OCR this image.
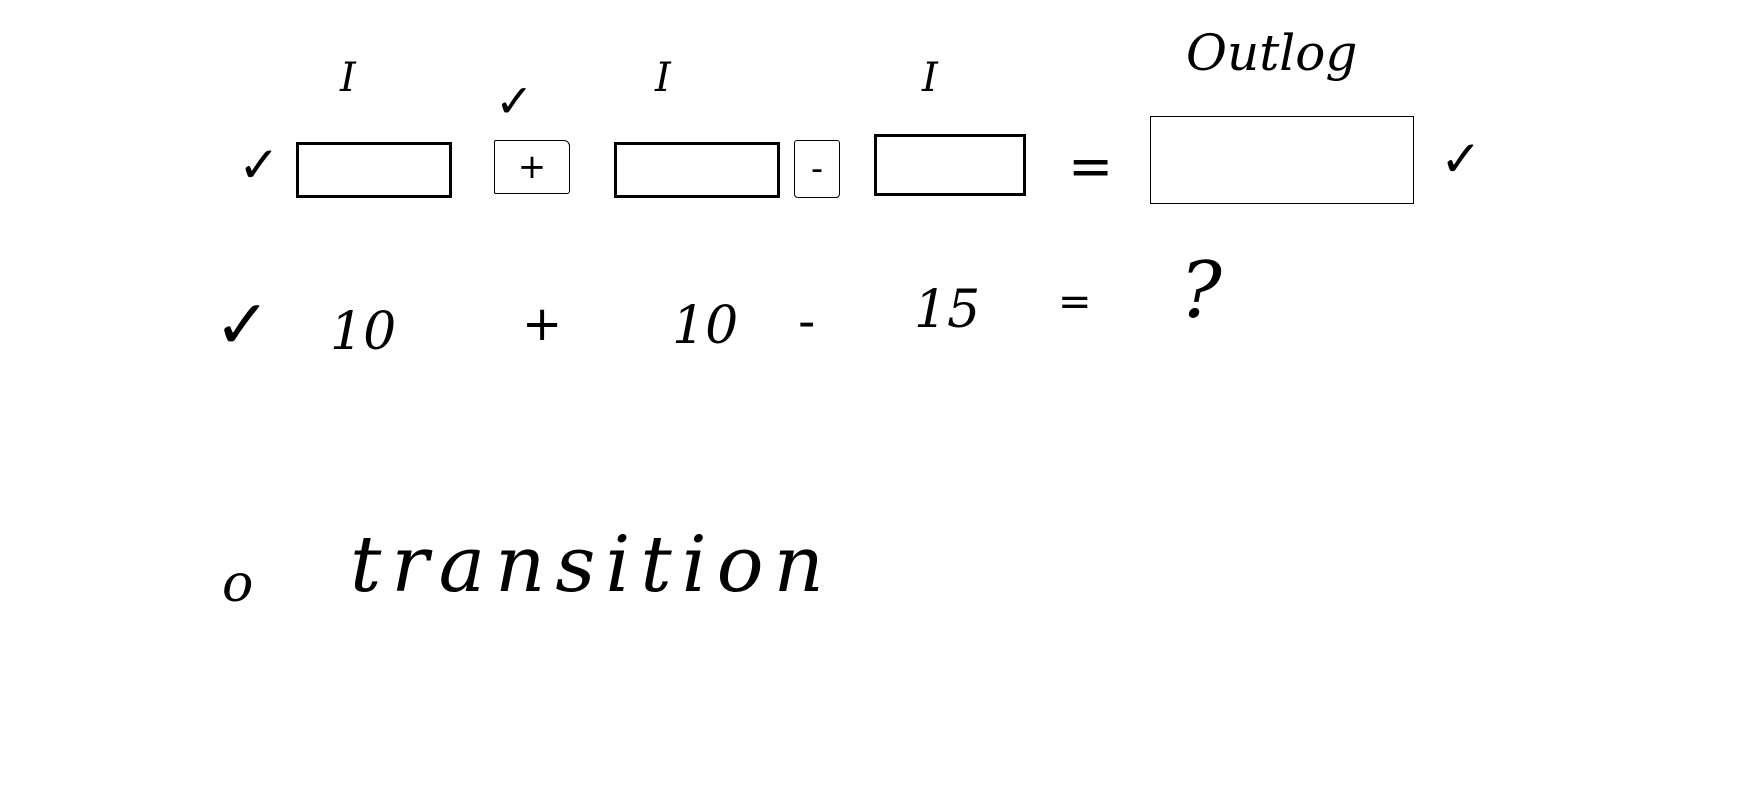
✓
I	✓
+
I
-
I
=
Outlog
✓
✓ 10	+ 10 - 15 = ?
o transition
